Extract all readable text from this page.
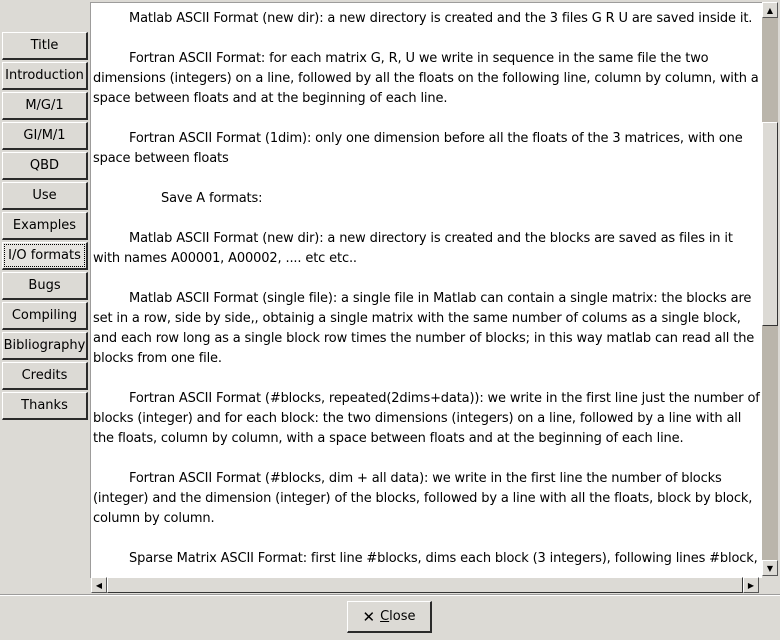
Title
Introduction
M/G/1
GI/M/1
QBD
Use
Examples
I/O formats
Bugs
Compiling
Bibliography
Credits
Thanks

Matlab ASCII Format (new dir): a new directory is created and the 3 files G R U are saved inside it.

Fortran ASCII Format: for each matrix G, R, U we write in sequence in the same file the two

dimensions (integers) on a line, followed by all the floats on the following line, column by column, with a

space between floats and at the beginning of each line.

Fortran ASCII Format (1dim): only one dimension before all the floats of the 3 matrices, with one

space between floats

Save A formats:

Matlab ASCII Format (new dir): a new directory is created and the blocks are saved as files in it

with names A00001, A00002, .... etc etc..

Matlab ASCII Format (single file): a single file in Matlab can contain a single matrix: the blocks are

set in a row, side by side,, obtainig a single matrix with the same number of colums as a single block,

and each row long as a single block row times the number of blocks; in this way matlab can read all the

blocks from one file.

Fortran ASCII Format (#blocks, repeated(2dims+data)): we write in the first line just the number of

blocks (integer) and for each block: the two dimensions (integers) on a line, followed by a line with all

the floats, column by column, with a space between floats and at the beginning of each line.

Fortran ASCII Format (#blocks, dim + all data): we write in the first line the number of blocks

(integer) and the dimension (integer) of the blocks, followed by a line with all the floats, block by block,

column by column.

Sparse Matrix ASCII Format: first line #blocks, dims each block (3 integers), following lines #block,

▲
▼
◀	▶
✕ Close
